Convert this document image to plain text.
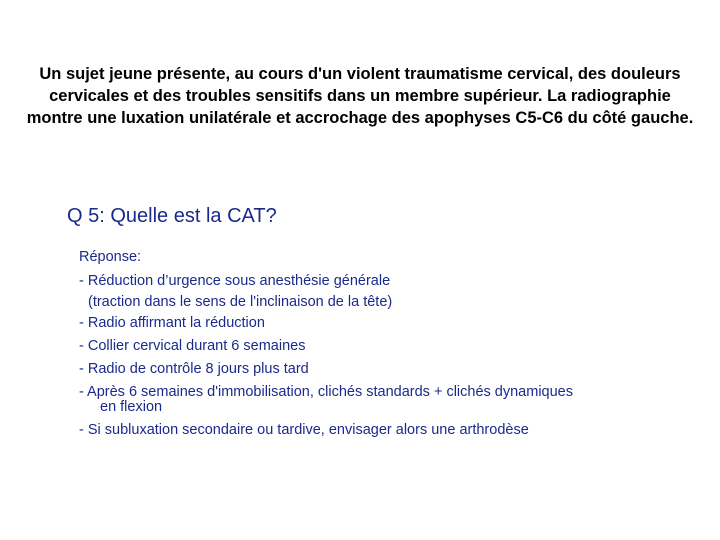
Un sujet jeune présente, au cours d'un violent traumatisme cervical, des douleurs cervicales et des troubles sensitifs dans un membre supérieur. La radiographie montre une luxation unilatérale et accrochage des apophyses C5-C6 du côté gauche.
Q 5: Quelle est la CAT?
Réponse:
- Réduction d’urgence sous anesthésie générale
(traction dans le sens de l'inclinaison de la tête)
- Radio affirmant la réduction
- Collier cervical durant 6 semaines
- Radio de contrôle 8 jours plus tard
- Après 6 semaines d'immobilisation, clichés standards + clichés dynamiques
en flexion
- Si subluxation secondaire ou tardive, envisager alors une arthrodèse
